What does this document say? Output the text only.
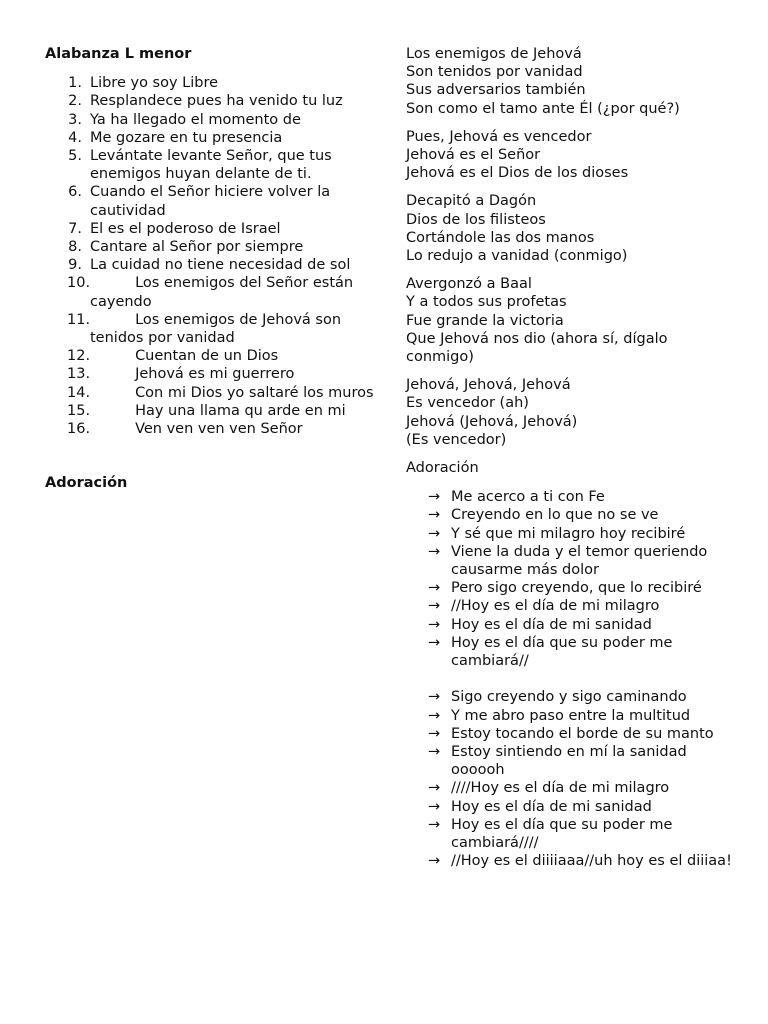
Alabanza L menor

1. Libre yo soy Libre
2. Resplandece pues ha venido tu luz
3. Ya ha llegado el momento de
4. Me gozare en tu presencia
5. Levántate levante Señor, que tus enemigos huyan delante de ti.
6. Cuando el Señor hiciere volver la cautividad
7. El es el poderoso de Israel
8. Cantare al Señor por siempre
9. La cuidad no tiene necesidad de sol
10.	Los enemigos del Señor están cayendo
11.	Los enemigos de Jehová son tenidos por vanidad
12.	Cuentan de un Dios
13.	Jehová es mi guerrero
14.	Con mi Dios yo saltaré los muros
15.	Hay una llama qu arde en mi
16.	Ven ven ven ven Señor

Adoración

Los enemigos de Jehová
Son tenidos por vanidad
Sus adversarios también
Son como el tamo ante Él (¿por qué?)
Pues, Jehová es vencedor
Jehová es el Señor
Jehová es el Dios de los dioses
Decapitó a Dagón
Dios de los filisteos
Cortándole las dos manos
Lo redujo a vanidad (conmigo)
Avergonzó a Baal
Y a todos sus profetas
Fue grande la victoria
Que Jehová nos dio (ahora sí, dígalo conmigo)
Jehová, Jehová, Jehová
Es vencedor (ah)
Jehová (Jehová, Jehová)
(Es vencedor)

Adoración

→ Me acerco a ti con Fe
→ Creyendo en lo que no se ve
→ Y sé que mi milagro hoy recibiré
→ Viene la duda y el temor queriendo causarme más dolor
→ Pero sigo creyendo, que lo recibiré
→ //Hoy es el día de mi milagro
→ Hoy es el día de mi sanidad
→ Hoy es el día que su poder me cambiará//
→ Sigo creyendo y sigo caminando
→ Y me abro paso entre la multitud
→ Estoy tocando el borde de su manto
→ Estoy sintiendo en mí la sanidad oooooh
→ ////Hoy es el día de mi milagro
→ Hoy es el día de mi sanidad
→ Hoy es el día que su poder me cambiará////
→ //Hoy es el diiiiaaa//uh hoy es el diiiaa!
